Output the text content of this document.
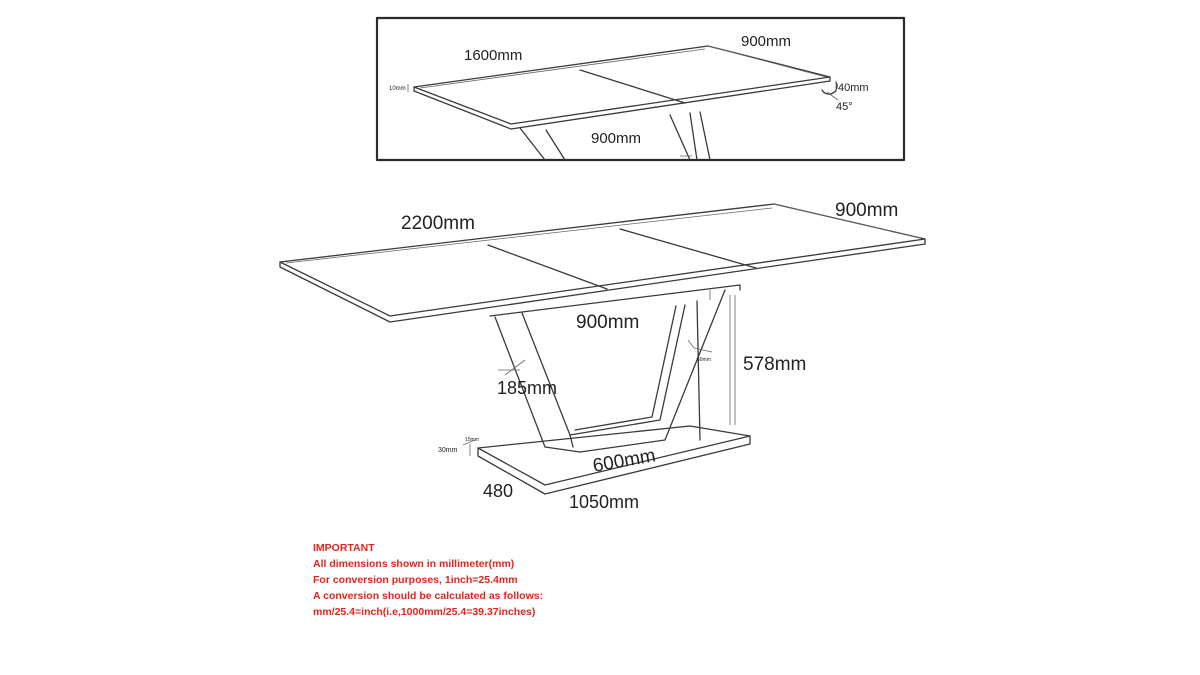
1600mm
900mm
900mm
10mm	40mm
45°
2200mm
900mm
900mm
578mm
185mm
60mm
600mm
30mm
15mm
480
1050mm
IMPORTANT
All dimensions shown in millimeter(mm)
For conversion purposes, 1inch=25.4mm
A conversion should be calculated as follows:
mm/25.4=inch(i.e,1000mm/25.4=39.37inches)
